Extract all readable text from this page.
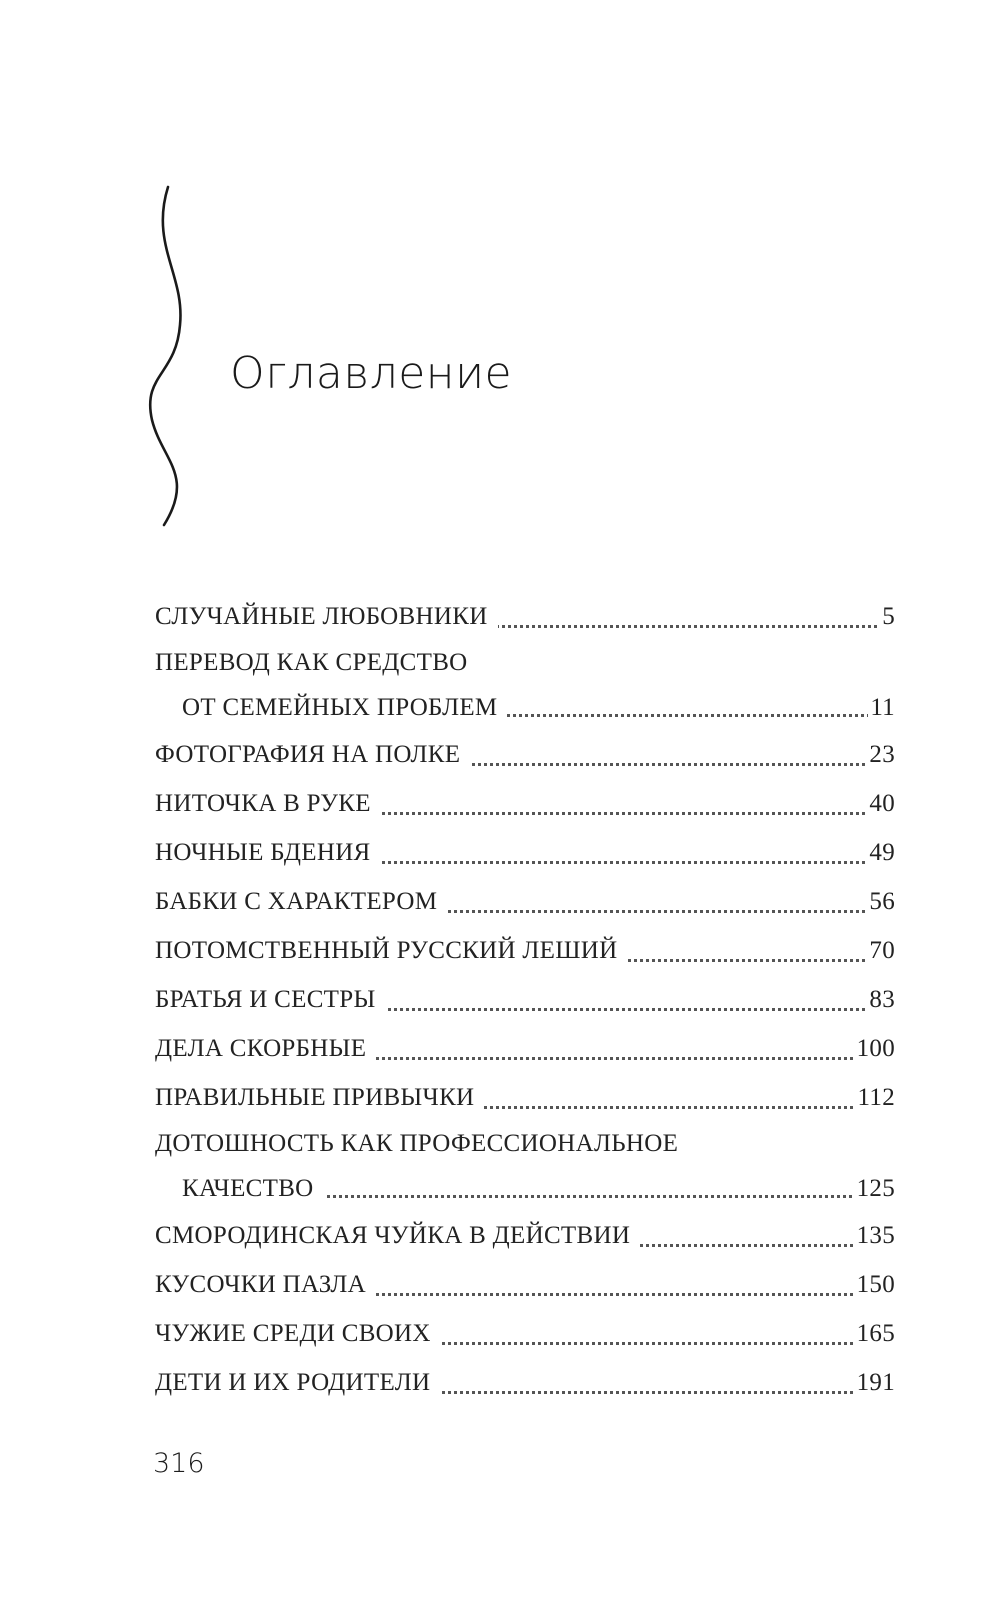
Оглавление
СЛУЧАЙНЫЕ ЛЮБОВНИКИ	5
ПЕРЕВОД КАК СРЕДСТВО
ОТ СЕМЕЙНЫХ ПРОБЛЕМ	11
ФОТОГРАФИЯ НА ПОЛКЕ	23
НИТОЧКА В РУКЕ	40
НОЧНЫЕ БДЕНИЯ	49
БАБКИ С ХАРАКТЕРОМ	56
ПОТОМСТВЕННЫЙ РУССКИЙ ЛЕШИЙ	70
БРАТЬЯ И СЕСТРЫ	83
ДЕЛА СКОРБНЫЕ	100
ПРАВИЛЬНЫЕ ПРИВЫЧКИ	112
ДОТОШНОСТЬ КАК ПРОФЕССИОНАЛЬНОЕ
КАЧЕСТВО	125
СМОРОДИНСКАЯ ЧУЙКА В ДЕЙСТВИИ	135
КУСОЧКИ ПАЗЛА	150
ЧУЖИЕ СРЕДИ СВОИХ	165
ДЕТИ И ИХ РОДИТЕЛИ	191
316
